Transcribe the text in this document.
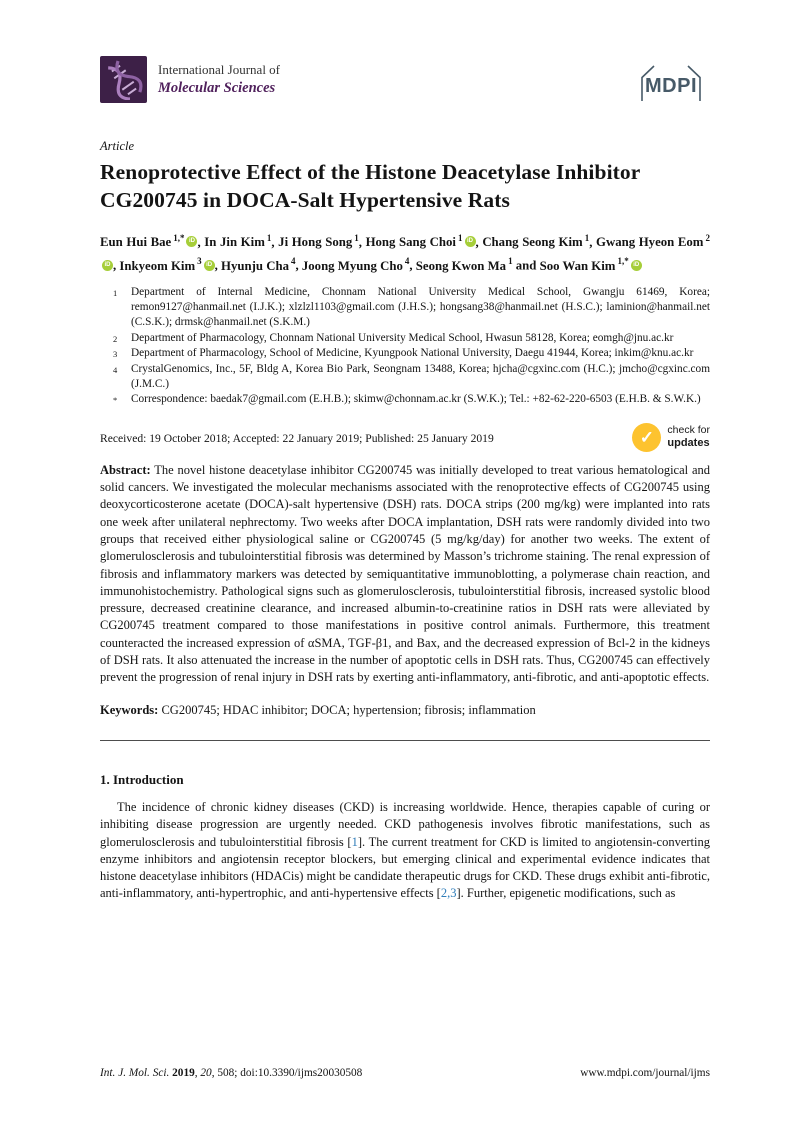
International Journal of
Molecular Sciences	MDPI
Article
Renoprotective Effect of the Histone Deacetylase Inhibitor CG200745 in DOCA-Salt Hypertensive Rats

Eun Hui Bae $^{1,*}$ iD , In Jin Kim $^1$, Ji Hong Song $^1$, Hong Sang Choi $^1$ iD , Chang Seong Kim $^1$, Gwang Hyeon Eom $^2$iD , Inkyeom Kim $^3$ iD , Hyunju Cha $^4$, Joong Myung Cho $^4$, Seong Kwon Ma $^1$ and Soo Wan Kim $^{1,*}$ iD

$^1$	Department of Internal Medicine, Chonnam National University Medical School, Gwangju 61469, Korea; remon9127@hanmail.net (I.J.K.); xlzlzl1103@gmail.com (J.H.S.); hongsang38@hanmail.net (H.S.C.); laminion@hanmail.net (C.S.K.); drmsk@hanmail.net (S.K.M.)
$^2$	Department of Pharmacology, Chonnam National University Medical School, Hwasun 58128, Korea; eomgh@jnu.ac.kr
$^3$	Department of Pharmacology, School of Medicine, Kyungpook National University, Daegu 41944, Korea; inkim@knu.ac.kr
$^4$	CrystalGenomics, Inc., 5F, Bldg A, Korea Bio Park, Seongnam 13488, Korea; hjcha@cgxinc.com (H.C.); jmcho@cgxinc.com (J.M.C.)
*	Correspondence: baedak7@gmail.com (E.H.B.); skimw@chonnam.ac.kr (S.W.K.); Tel.: +82-62-220-6503 (E.H.B. & S.W.K.)
Received: 19 October 2018; Accepted: 22 January 2019; Published: 25 January 2019	✓ check for
updates

Abstract: The novel histone deacetylase inhibitor CG200745 was initially developed to treat various hematological and solid cancers. We investigated the molecular mechanisms associated with the renoprotective effects of CG200745 using deoxycorticosterone acetate (DOCA)-salt hypertensive (DSH) rats. DOCA strips (200 mg/kg) were implanted into rats one week after unilateral nephrectomy. Two weeks after DOCA implantation, DSH rats were randomly divided into two groups that received either physiological saline or CG200745 (5 mg/kg/day) for another two weeks. The extent of glomerulosclerosis and tubulointerstitial fibrosis was determined by Masson’s trichrome staining. The renal expression of fibrosis and inflammatory markers was detected by semiquantitative immunoblotting, a polymerase chain reaction, and immunohistochemistry. Pathological signs such as glomerulosclerosis, tubulointerstitial fibrosis, increased systolic blood pressure, decreased creatinine clearance, and increased albumin-to-creatinine ratios in DSH rats were alleviated by CG200745 treatment compared to those manifestations in positive control animals. Furthermore, this treatment counteracted the increased expression of αSMA, TGF-β1, and Bax, and the decreased expression of Bcl-2 in the kidneys of DSH rats. It also attenuated the increase in the number of apoptotic cells in DSH rats. Thus, CG200745 can effectively prevent the progression of renal injury in DSH rats by exerting anti-inflammatory, anti-fibrotic, and anti-apoptotic effects.

Keywords: CG200745; HDAC inhibitor; DOCA; hypertension; fibrosis; inflammation

1. Introduction

The incidence of chronic kidney diseases (CKD) is increasing worldwide. Hence, therapies capable of curing or inhibiting disease progression are urgently needed. CKD pathogenesis involves fibrotic manifestations, such as glomerulosclerosis and tubulointerstitial fibrosis [1]. The current treatment for CKD is limited to angiotensin-converting enzyme inhibitors and angiotensin receptor blockers, but emerging clinical and experimental evidence indicates that histone deacetylase inhibitors (HDACis) might be candidate therapeutic drugs for CKD. These drugs exhibit anti-fibrotic, anti-inflammatory, anti-hypertrophic, and anti-hypertensive effects [2,3]. Further, epigenetic modifications, such as

Int. J. Mol. Sci. 2019, 20, 508; doi:10.3390/ijms20030508	www.mdpi.com/journal/ijms
